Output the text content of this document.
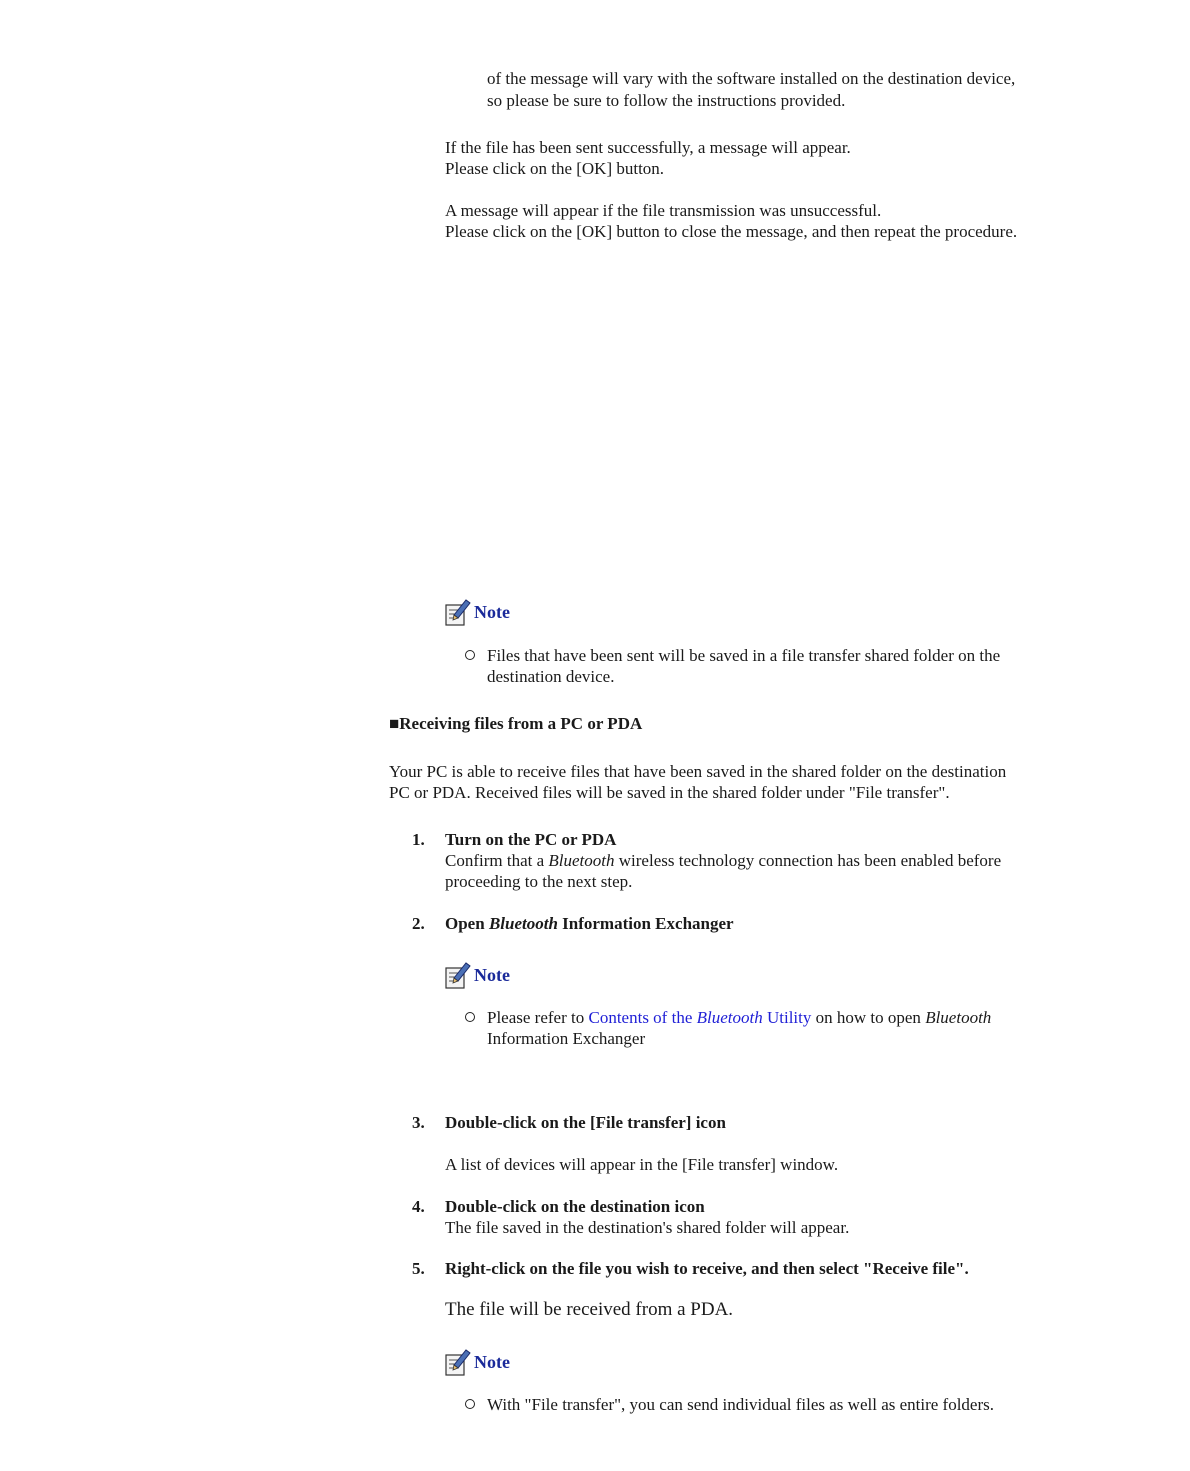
of the message will vary with the software installed on the destination device,
so please be sure to follow the instructions provided.
If the file has been sent successfully, a message will appear.
Please click on the [OK] button.
A message will appear if the file transmission was unsuccessful.
Please click on the [OK] button to close the message, and then repeat the procedure.
Note
Files that have been sent will be saved in a file transfer shared folder on the
destination device.
■Receiving files from a PC or PDA
Your PC is able to receive files that have been saved in the shared folder on the destination
PC or PDA. Received files will be saved in the shared folder under "File transfer".
1. Turn on the PC or PDA
Confirm that a Bluetooth wireless technology connection has been enabled before
proceeding to the next step.
2. Open Bluetooth Information Exchanger
Note
Please refer to Contents of the Bluetooth Utility on how to open Bluetooth
Information Exchanger
3. Double-click on the [File transfer] icon
A list of devices will appear in the [File transfer] window.
4. Double-click on the destination icon
The file saved in the destination's shared folder will appear.
5. Right-click on the file you wish to receive, and then select "Receive file".
The file will be received from a PDA.
Note
With "File transfer", you can send individual files as well as entire folders.
